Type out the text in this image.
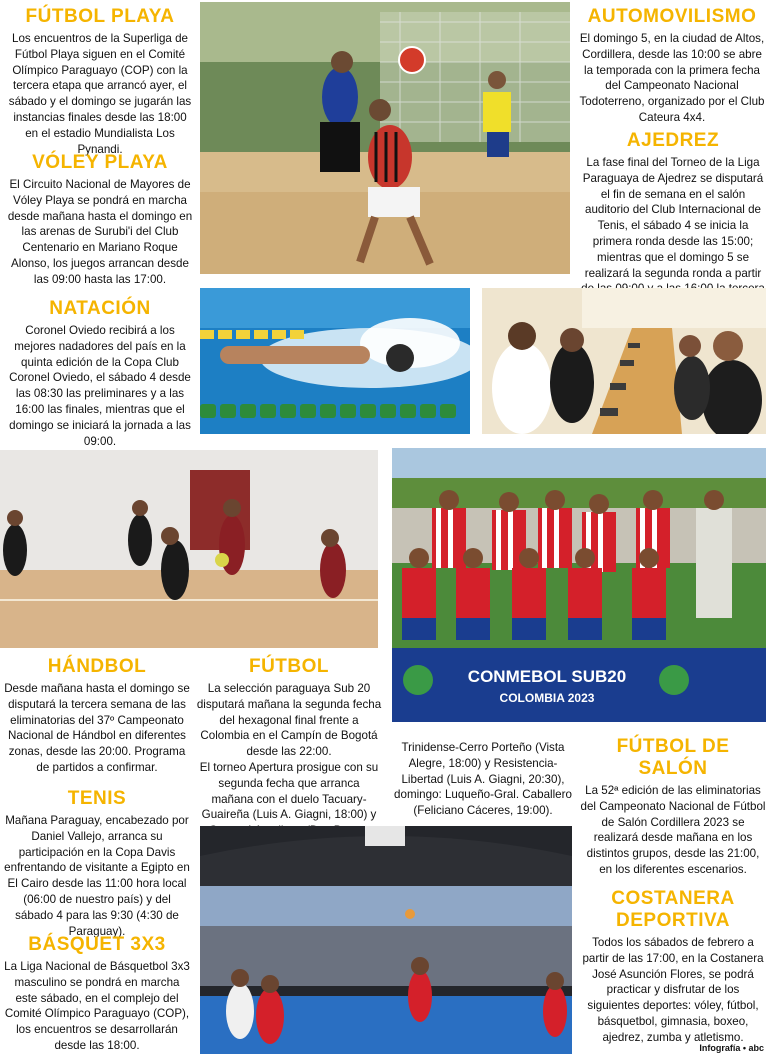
FÚTBOL PLAYA

Los encuentros de la Superliga de Fútbol Playa siguen en el Comité Olímpico Paraguayo (COP) con la tercera etapa que arrancó ayer, el sábado y el domingo se jugarán las instancias finales desde las 18:00 en el estadio Mundialista Los Pynandi.

VÓLEY PLAYA

El Circuito Nacional de Mayores de Vóley Playa se pondrá en marcha desde mañana hasta el domingo en las arenas de Surubi'i del Club Centenario en Mariano Roque Alonso, los juegos arrancan desde las 09:00 hasta las 17:00.

NATACIÓN

Coronel Oviedo recibirá a los mejores nadadores del país en la quinta edición de la Copa Club Coronel Oviedo, el sábado 4 desde las 08:30 las preliminares y a las 16:00 las finales, mientras que el domingo se iniciará la jornada a las 09:00.

AUTOMOVILISMO

El domingo 5, en la ciudad de Altos, Cordillera, desde las 10:00 se abre la temporada con la primera fecha del Campeonato Nacional Todoterreno, organizado por el Club Cateura 4x4.

AJEDREZ

La fase final del Torneo de la Liga Paraguaya de Ajedrez se disputará el fin de semana en el salón auditorio del Club Internacional de Tenis, el sábado 4 se inicia la primera ronda desde las 15:00; mientras que el domingo 5 se realizará la segunda ronda a partir

HÁNDBOL

Desde mañana hasta el domingo se disputará la tercera semana de las eliminatorias del 37º Campeonato Nacional de Hándbol en diferentes zonas, desde las 20:00. Programa de partidos a confirmar.

FÚTBOL

La selección paraguaya Sub 20 disputará mañana la segunda fecha del hexagonal final frente a Colombia en el Campín de Bogotá desde las 22:00.

El torneo Apertura prosigue con su segunda fecha que arranca mañana con el duelo Tacuary-Guaireña (Luis A. Giagni, 18:00) y

Trinidense-Cerro Porteño (Vista Alegre, 18:00) y Resistencia-Libertad (Luis A. Giagni, 20:30), domingo: Luqueño-Gral. Caballero (Feliciano Cáceres, 19:00).

TENIS

Mañana Paraguay, encabezado por Daniel Vallejo, arranca su participación en la Copa Davis enfrentando de visitante a Egipto en El Cairo desde las 11:00 hora local (06:00 de nuestro país) y del sábado 4 para las 9:30 (4:30 de Paraguay).

BÁSQUET 3X3

La Liga Nacional de Básquetbol 3x3 masculino se pondrá en marcha este sábado, en el complejo del Comité Olímpico Paraguayo (COP), los encuentros se desarrollarán desde las 18:00.

FÚTBOL DE
SALÓN

La 52ª edición de las eliminatorias del Campeonato Nacional de Fútbol de Salón Cordillera 2023 se realizará desde mañana en los distintos grupos, desde las 21:00, en los diferentes escenarios.

COSTANERA
DEPORTIVA

Todos los sábados de febrero a partir de las 17:00, en la Costanera José Asunción Flores, se podrá practicar y disfrutar de los siguientes deportes: vóley, fútbol, básquetbol, gimnasia, boxeo, ajedrez, zumba y atletismo.

CONMEBOL SUB20
COLOMBIA 2023
Infografía • abc
